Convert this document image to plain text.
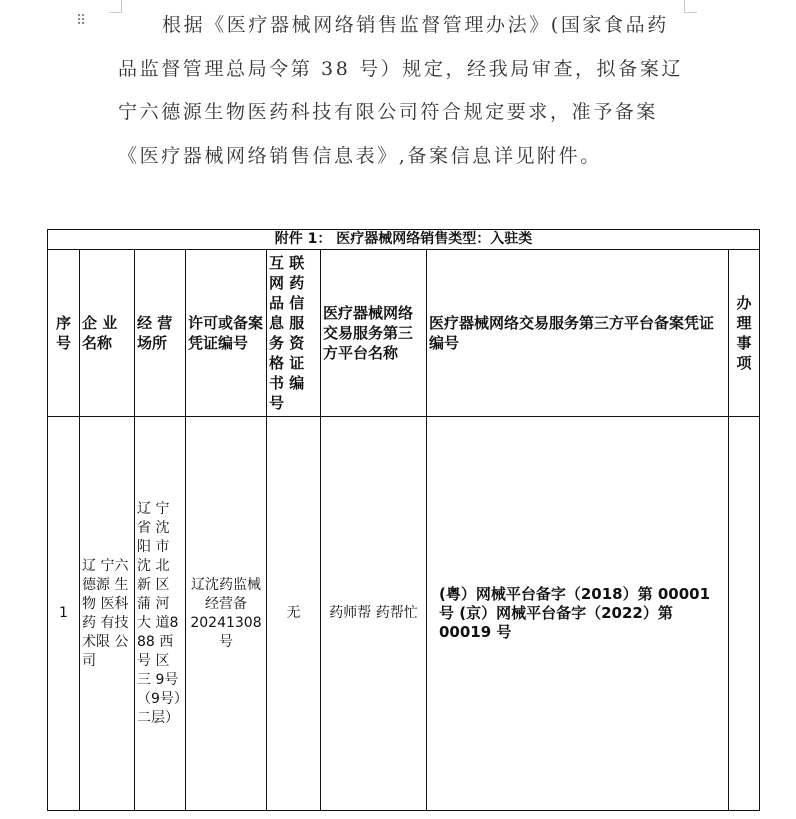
⠿	根据《医疗器械网络销售监督管理办法》(国家食品药
品监督管理总局令第 38 号）规定，经我局审查，拟备案辽
宁六德源生物医药科技有限公司符合规定要求，准予备案
《医疗器械网络销售信息表》,备案信息详见附件。
附件 1： 医疗器械网络销售类型：入驻类							
序号	企 业名称	经 营场所	许可或备案凭证编号	互 联网 药品 信息 服务 资格 证书 编号	医疗器械网络交易服务第三方平台名称	医疗器械网络交易服务第三方平台备案凭证编号	办理事项
1	辽 宁六 德源 生物 医科 药 有技 术限 公司	辽 宁省 沈阳 市沈 北新 区蒲 河大 道888 西号 区三 9号 （9号）二层）	辽沈药监械经营备20241308号	无	药师帮 药帮忙	(粤）网械平台备字（2018）第 00001 号 (京）网械平台备字（2022）第 00019 号	
